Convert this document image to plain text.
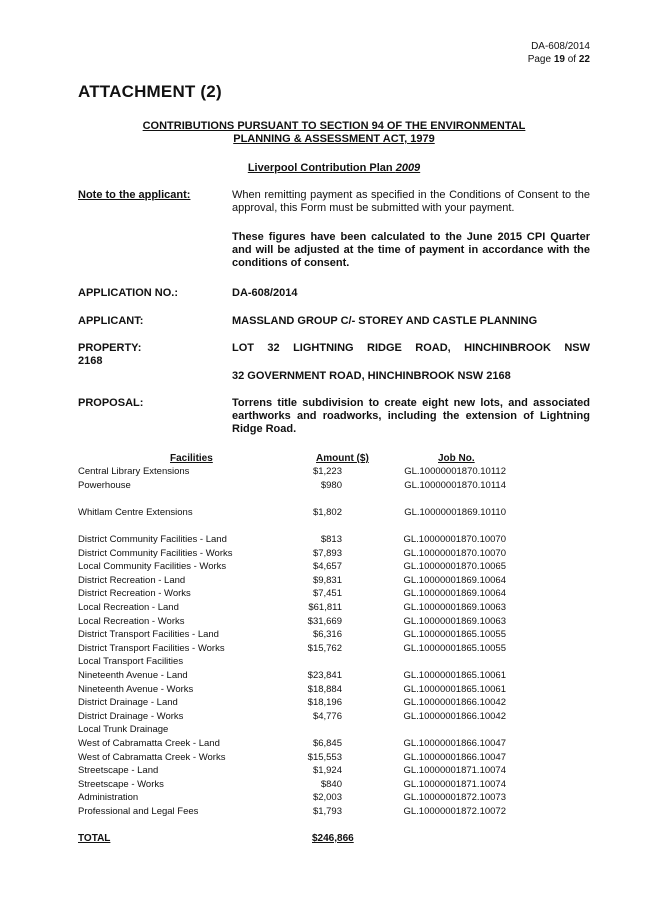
DA-608/2014
Page 19 of 22
ATTACHMENT (2)
CONTRIBUTIONS PURSUANT TO SECTION 94 OF THE ENVIRONMENTAL
PLANNING & ASSESSMENT ACT, 1979
Liverpool Contribution Plan 2009
Note to the applicant:	When remitting payment as specified in the Conditions of Consent to the approval, this Form must be submitted with your payment.
These figures have been calculated to the June 2015 CPI Quarter and will be adjusted at the time of payment in accordance with the conditions of consent.
APPLICATION NO.:	DA-608/2014
APPLICANT:	MASSLAND GROUP C/- STOREY AND CASTLE PLANNING
PROPERTY:	LOT 32 LIGHTNING RIDGE ROAD, HINCHINBROOK NSW
2168
32 GOVERNMENT ROAD, HINCHINBROOK NSW 2168
PROPOSAL:	Torrens title subdivision to create eight new lots, and associated earthworks and roadworks, including the extension of Lightning Ridge Road.
Facilities	Amount ($)	Job No.
Central Library Extensions	$1,223	GL.10000001870.10112
Powerhouse	$980	GL.10000001870.10114
Whitlam Centre Extensions	$1,802	GL.10000001869.10110
District Community Facilities - Land	$813	GL.10000001870.10070
District Community Facilities - Works	$7,893	GL.10000001870.10070
Local Community Facilities - Works	$4,657	GL.10000001870.10065
District Recreation - Land	$9,831	GL.10000001869.10064
District Recreation - Works	$7,451	GL.10000001869.10064
Local Recreation - Land	$61,811	GL.10000001869.10063
Local Recreation - Works	$31,669	GL.10000001869.10063
District Transport Facilities - Land	$6,316	GL.10000001865.10055
District Transport Facilities - Works	$15,762	GL.10000001865.10055
Local Transport Facilities
Nineteenth Avenue - Land	$23,841	GL.10000001865.10061
Nineteenth Avenue - Works	$18,884	GL.10000001865.10061
District Drainage - Land	$18,196	GL.10000001866.10042
District Drainage - Works	$4,776	GL.10000001866.10042
Local Trunk Drainage
West of Cabramatta Creek - Land	$6,845	GL.10000001866.10047
West of Cabramatta Creek - Works	$15,553	GL.10000001866.10047
Streetscape - Land	$1,924	GL.10000001871.10074
Streetscape - Works	$840	GL.10000001871.10074
Administration	$2,003	GL.10000001872.10073
Professional and Legal Fees	$1,793	GL.10000001872.10072
TOTAL	$246,866
